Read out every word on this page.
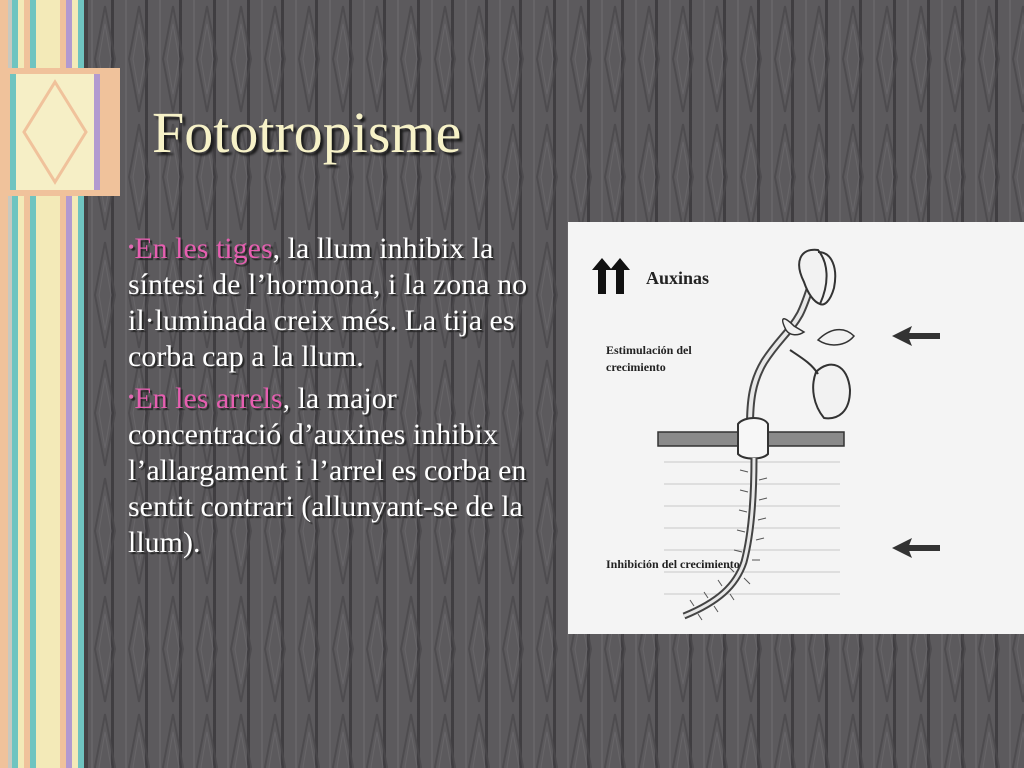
Fototropisme
•En les tiges, la llum inhibix la síntesi de l’hormona, i la zona no il·luminada creix més. La tija es corba cap a la llum.
•En les arrels, la major concentració d’auxines inhibix l’allargament i l’arrel es corba en sentit contrari (allunyant-se de la llum).

Auxinas

Estimulación del crecimiento

Inhibición del crecimiento
